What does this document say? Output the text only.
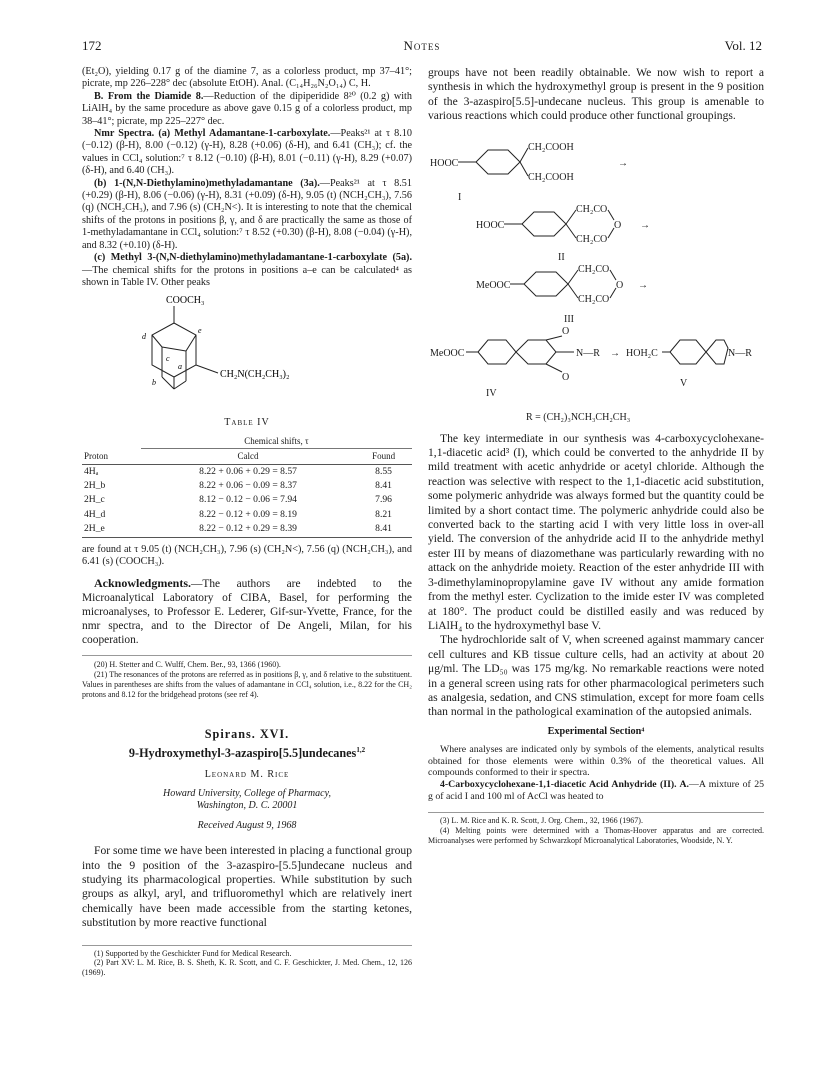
172	Notes	Vol. 12

(Et₂O), yielding 0.17 g of the diamine 7, as a colorless product, mp 37–41°; picrate, mp 226–228° dec (absolute EtOH). Anal. (C₁₄H₂₆N₂O₁₄) C, H.

B. From the Diamide 8.—Reduction of the dipiperidide 8²⁰ (0.2 g) with LiAlH₄ by the same procedure as above gave 0.15 g of a colorless product, mp 38–41°; picrate, mp 225–227° dec.

Nmr Spectra. (a) Methyl Adamantane-1-carboxylate.—Peaks²¹ at τ 8.10 (−0.12) (β-H), 8.00 (−0.12) (γ-H), 8.28 (+0.06) (δ-H), and 6.41 (CH₃); cf. the values in CCl₄ solution:⁷ τ 8.12 (−0.10) (β-H), 8.01 (−0.11) (γ-H), 8.29 (+0.07) (δ-H), and 6.40 (CH₃).

(b) 1-(N,N-Diethylamino)methyladamantane (3a).—Peaks²¹ at τ 8.51 (+0.29) (β-H), 8.06 (−0.06) (γ-H), 8.31 (+0.09) (δ-H), 9.05 (t) (NCH₂CH₃), 7.56 (q) (NCH₂CH₃), and 7.96 (s) (CH₂N<). It is interesting to note that the chemical shifts of the protons in positions β, γ, and δ are practically the same as those of 1-methyladamantane in CCl₄ solution:⁷ τ 8.52 (+0.30) (β-H), 8.08 (−0.04) (γ-H), and 8.32 (+0.10) (δ-H).

(c) Methyl 3-(N,N-diethylamino)methyladamantane-1-carboxylate (5a).—The chemical shifts for the protons in positions a–e can be calculated⁴ as shown in Table IV. Other peaks

COOCH₃
CH₂N(CH₂CH₃)₂
d
e
c
a
b
Table IV
	Chemical shifts, τ	
Proton	Calcd	Found
4Hₐ	8.22 + 0.06 + 0.29 = 8.57	8.55
2H_b	8.22 + 0.06 − 0.09 = 8.37	8.41
2H_c	8.12 − 0.12 − 0.06 = 7.94	7.96
4H_d	8.22 − 0.12 + 0.09 = 8.19	8.21
2H_e	8.22 − 0.12 + 0.29 = 8.39	8.41

are found at τ 9.05 (t) (NCH₂CH₃), 7.96 (s) (CH₂N<), 7.56 (q) (NCH₂CH₃), and 6.41 (s) (COOCH₃).

Acknowledgments.—The authors are indebted to the Microanalytical Laboratory of CIBA, Basel, for performing the microanalyses, to Professor E. Lederer, Gif-sur-Yvette, France, for the nmr spectra, and to the Director of De Angeli, Milan, for his cooperation.

(20) H. Stetter and C. Wulff, Chem. Ber., 93, 1366 (1960).

(21) The resonances of the protons are referred as in positions β, γ, and δ relative to the substituent. Values in parentheses are shifts from the values of adamantane in CCl₄ solution, i.e., 8.22 for the CH₂ protons and 8.12 for the bridgehead protons (see ref 4).

Spirans. XVI.
9-Hydroxymethyl-3-azaspiro[5.5]undecanes$^{1,2}$
Leonard M. Rice
Howard University, College of Pharmacy,
Washington, D. C. 20001
Received August 9, 1968

For some time we have been interested in placing a functional group into the 9 position of the 3-azaspiro-[5.5]undecane nucleus and studying its pharmacological properties. While substitution by such groups as alkyl, aryl, and trifluoromethyl which are relatively inert chemically have been made accessible from the starting ketones, substitution by more reactive functional

(1) Supported by the Geschickter Fund for Medical Research.

(2) Part XV: L. M. Rice, B. S. Sheth, K. R. Scott, and C. F. Geschickter, J. Med. Chem., 12, 126 (1969).

groups have not been readily obtainable. We now wish to report a synthesis in which the hydroxymethyl group is present in the 9 position of the 3-azaspiro[5.5]-undecane nucleus. This group is amenable to various reactions which could produce other functional groupings.

HOOC
CH₂COOH
CH₂COOH
→
I
HOOC
CH₂CO
CH₂CO
O →
II
MeOOC
CH₂CO
CH₂CO
O →
III
MeOOC
O
O
N—R → HOH₂C	N—R
IV
V
R = (CH₂)₃NCH₃CH₂CH₃

The key intermediate in our synthesis was 4-carboxycyclohexane-1,1-diacetic acid³ (I), which could be converted to the anhydride II by mild treatment with acetic anhydride or acetyl chloride. Although the reaction was selective with respect to the 1,1-diacetic acid substitution, some polymeric anhydride was always formed but the quantity could be limited by a short contact time. The polymeric anhydride could also be converted back to the starting acid I with very little loss in over-all yield. The conversion of the anhydride acid II to the anhydride methyl ester III by means of diazomethane was particularly rewarding with no attack on the anhydride moiety. Reaction of the ester anhydride III with 3-dimethylaminopropylamine gave IV without any amide formation from the methyl ester. Cyclization to the imide ester IV was completed at 180°. The product could be distilled easily and was reduced by LiAlH₄ to the hydroxymethyl base V.

The hydrochloride salt of V, when screened against mammary cancer cell cultures and KB tissue culture cells, had an activity at about 20 μg/ml. The LD₅₀ was 175 mg/kg. No remarkable reactions were noted in a general screen using rats for other pharmacological perimeters such as analgesia, sedation, and CNS stimulation, except for more foam cells than normal in the pathological examination of the autopsied animals.

Experimental Section⁴

Where analyses are indicated only by symbols of the elements, analytical results obtained for those elements were within 0.3% of the theoretical values. All compounds conformed to their ir spectra.

4-Carboxycyclohexane-1,1-diacetic Acid Anhydride (II). A.—A mixture of 25 g of acid I and 100 ml of AcCl was heated to

(3) L. M. Rice and K. R. Scott, J. Org. Chem., 32, 1966 (1967).

(4) Melting points were determined with a Thomas-Hoover apparatus and are corrected. Microanalyses were performed by Schwarzkopf Microanalytical Laboratories, Woodside, N. Y.
